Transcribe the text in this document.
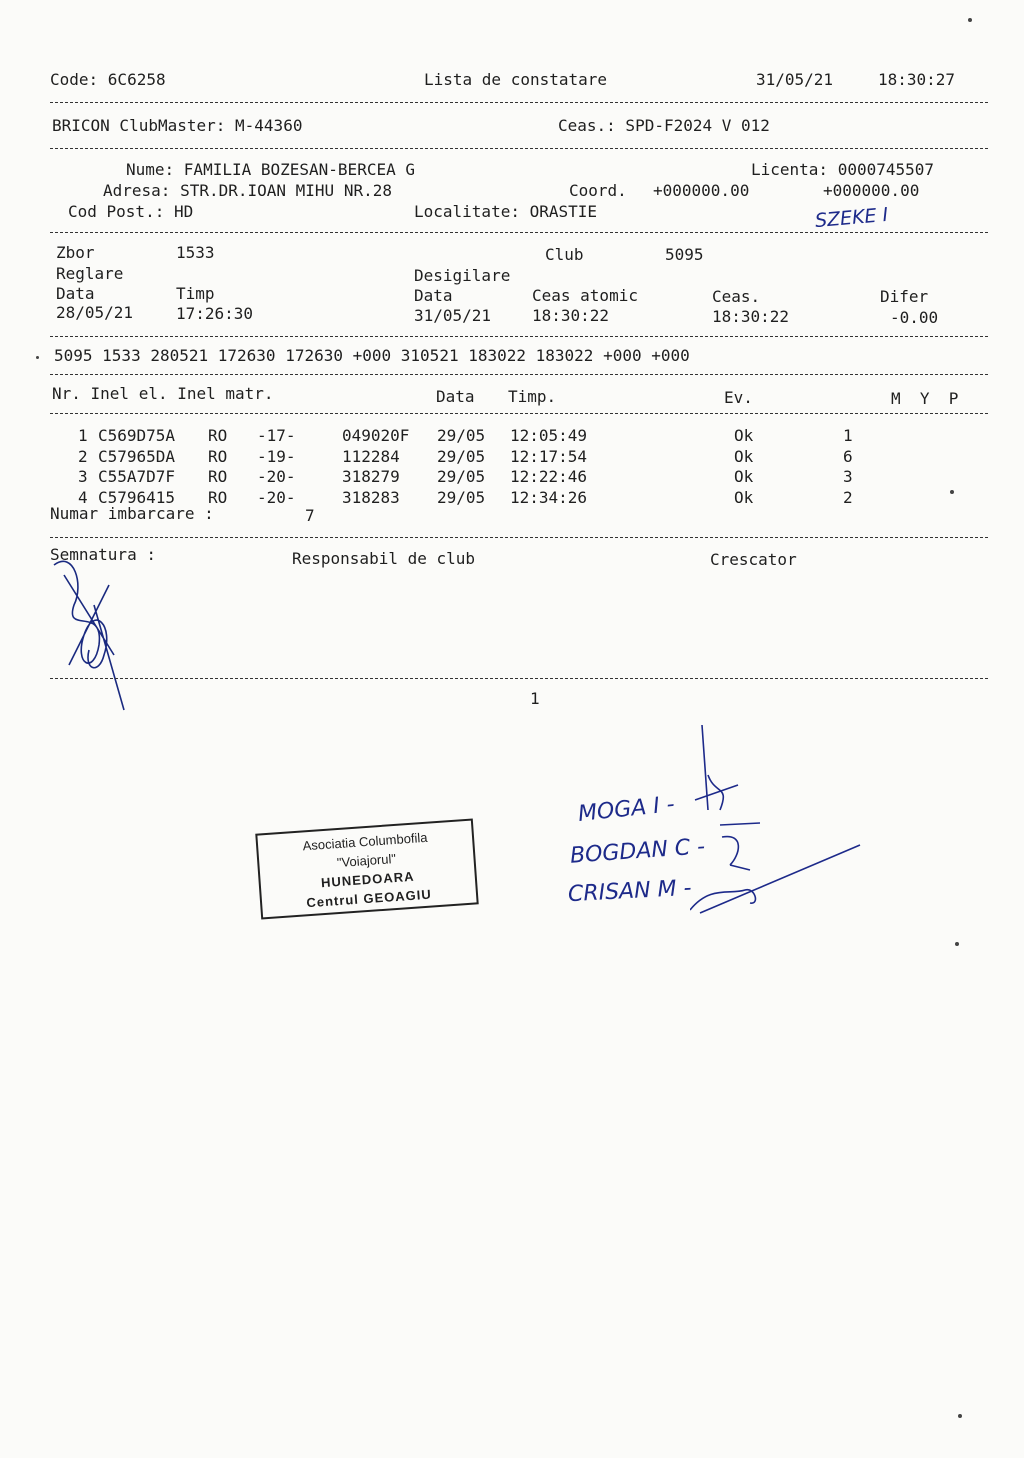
Code: 6C6258	Lista de constatare	31/05/21	18:30:27
BRICON ClubMaster: M-44360	Ceas.: SPD-F2024 V 012
Nume: FAMILIA BOZESAN-BERCEA G	Licenta: 0000745507
Adresa: STR.DR.IOAN MIHU NR.28	Coord. +000000.00	+000000.00
Cod Post.: HD	Localitate: ORASTIE	SZEKE I
Zbor	1533	Club	5095
Reglare	Desigilare
Data	Timp	Data	Ceas atomic	Ceas.	Difer
28/05/21	17:26:30	31/05/21	18:30:22	18:30:22	-0.00
5095 1533 280521 172630 172630 +000 310521 183022 183022 +000 +000
Nr. Inel el. Inel matr.	Data Timp.	Ev.	M  Y  P
1 C569D75A RO -17-	049020F 29/05 12:05:49	Ok	1
2 C57965DA RO -19-	112284 29/05 12:17:54	Ok	6
3 C55A7D7F RO -20-	318279 29/05 12:22:46	Ok	3
4 C5796415 RO -20-	318283 29/05 12:34:26	Ok	2
Numar imbarcare :	7
Semnatura :	Responsabil de club	Crescator
1
Asociatia Columbofila
"Voiajorul"
HUNEDOARA
Centrul GEOAGIU
MOGA I -
BOGDAN C -
CRISAN M -
